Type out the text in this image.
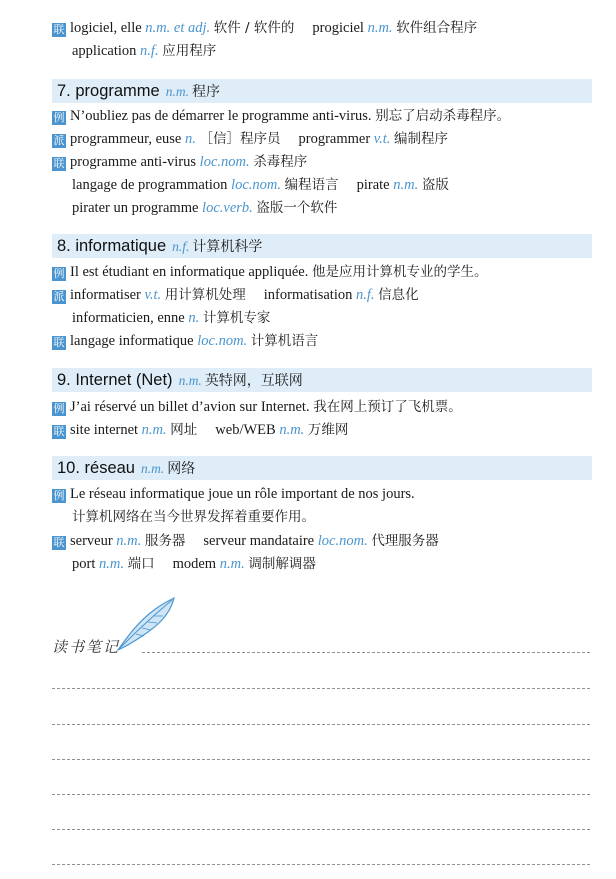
联 logiciel, elle n.m. et adj. 软件 / 软件的 progiciel n.m. 软件组合程序
application n.f. 应用程序
7. programme n.m. 程序
例 N’oubliez pas de démarrer le programme anti-virus. 别忘了启动杀毒程序。
派 programmeur, euse n. ［信］程序员 programmer v.t. 编制程序
联 programme anti-virus loc.nom. 杀毒程序
langage de programmation loc.nom. 编程语言 pirate n.m. 盗版
pirater un programme loc.verb. 盗版一个软件
8. informatique n.f. 计算机科学
例 Il est étudiant en informatique appliquée. 他是应用计算机专业的学生。
派 informatiser v.t. 用计算机处理 informatisation n.f. 信息化
informaticien, enne n. 计算机专家
联 langage informatique loc.nom. 计算机语言
9. Internet (Net) n.m. 英特网，互联网
例 J’ai réservé un billet d’avion sur Internet. 我在网上预订了飞机票。
联 site internet n.m. 网址 web/WEB n.m. 万维网
10. réseau n.m. 网络
例 Le réseau informatique joue un rôle important de nos jours.
计算机网络在当今世界发挥着重要作用。
联 serveur n.m. 服务器 serveur mandataire loc.nom. 代理服务器
port n.m. 端口 modem n.m. 调制解调器
读书笔记
